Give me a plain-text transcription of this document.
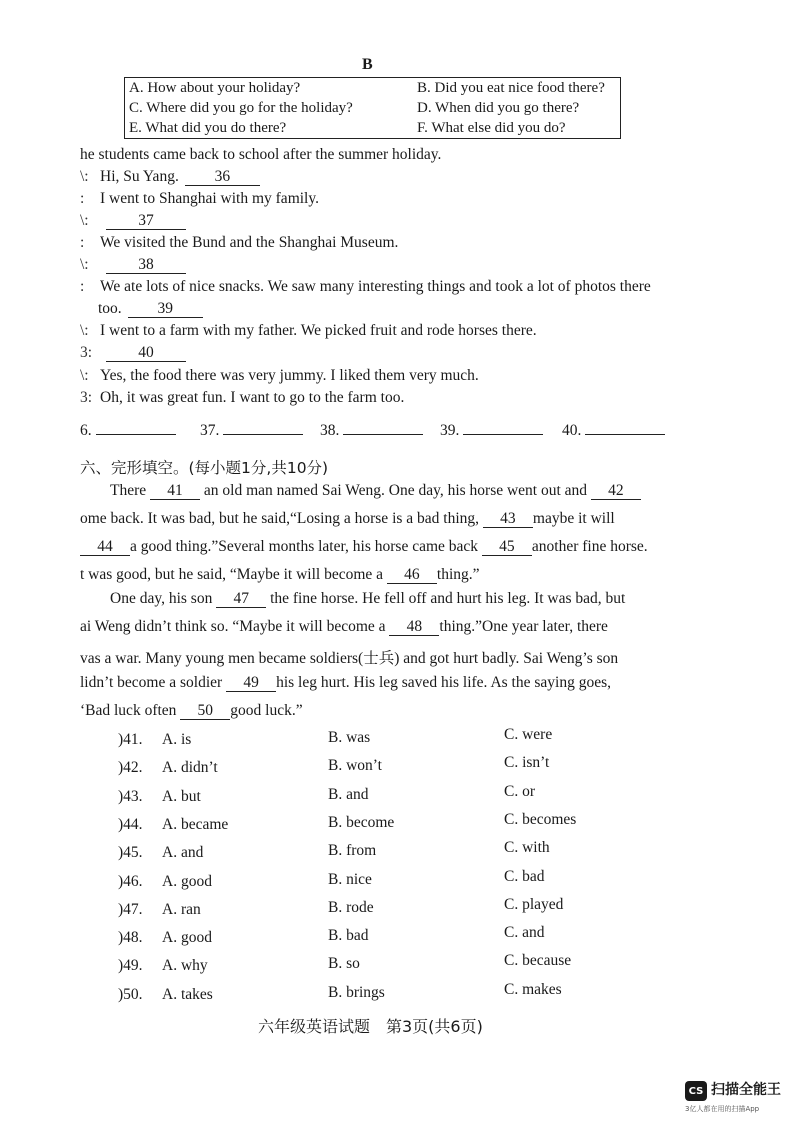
B
A. How about your holiday?	B. Did you eat nice food there?
C. Where did you go for the holiday?	D. When did you go there?
E. What did you do there?	F. What else did you do?
he students came back to school after the summer holiday.
\: Hi, Su Yang. 36
: I went to Shanghai with my family.
\:	37
: We visited the Bund and the Shanghai Museum.
\:	38
: We ate lots of nice snacks. We saw many interesting things and took a lot of photos there
too. 39
\: I went to a farm with my father. We picked fruit and rode horses there.
3:	40
\: Yes, the food there was very jummy. I liked them very much.
3: Oh, it was great fun. I want to go to the farm too.
6.	37.	38.	39.	40.
六、完形填空。(每小题1分,共10分)
There 41 an old man named Sai Weng. One day, his horse went out and 42
ome back. It was bad, but he said,“Losing a horse is a bad thing, 43 maybe it will
44 a good thing.”Several months later, his horse came back 45 another fine horse.
t was good, but he said, “Maybe it will become a 46 thing.”
One day, his son 47 the fine horse. He fell off and hurt his leg. It was bad, but
ai Weng didn’t think so. “Maybe it will become a 48 thing.”One year later, there
vas a war. Many young men became soldiers(士兵) and got hurt badly. Sai Weng’s son
lidn’t become a soldier 49 his leg hurt. His leg saved his life. As the saying goes,
‘Bad luck often 50 good luck.”
)41. A. is	B. was	C. were
)42. A. didn’t	B. won’t	C. isn’t
)43. A. but	B. and	C. or
)44. A. became	B. become	C. becomes
)45. A. and	B. from	C. with
)46. A. good	B. nice	C. bad
)47. A. ran	B. rode	C. played
)48. A. good	B. bad	C. and
)49. A. why	B. so	C. because
)50. A. takes	B. brings	C. makes
六年级英语试题　第3页(共6页)
CS 扫描全能王
3亿人都在用的扫描App
